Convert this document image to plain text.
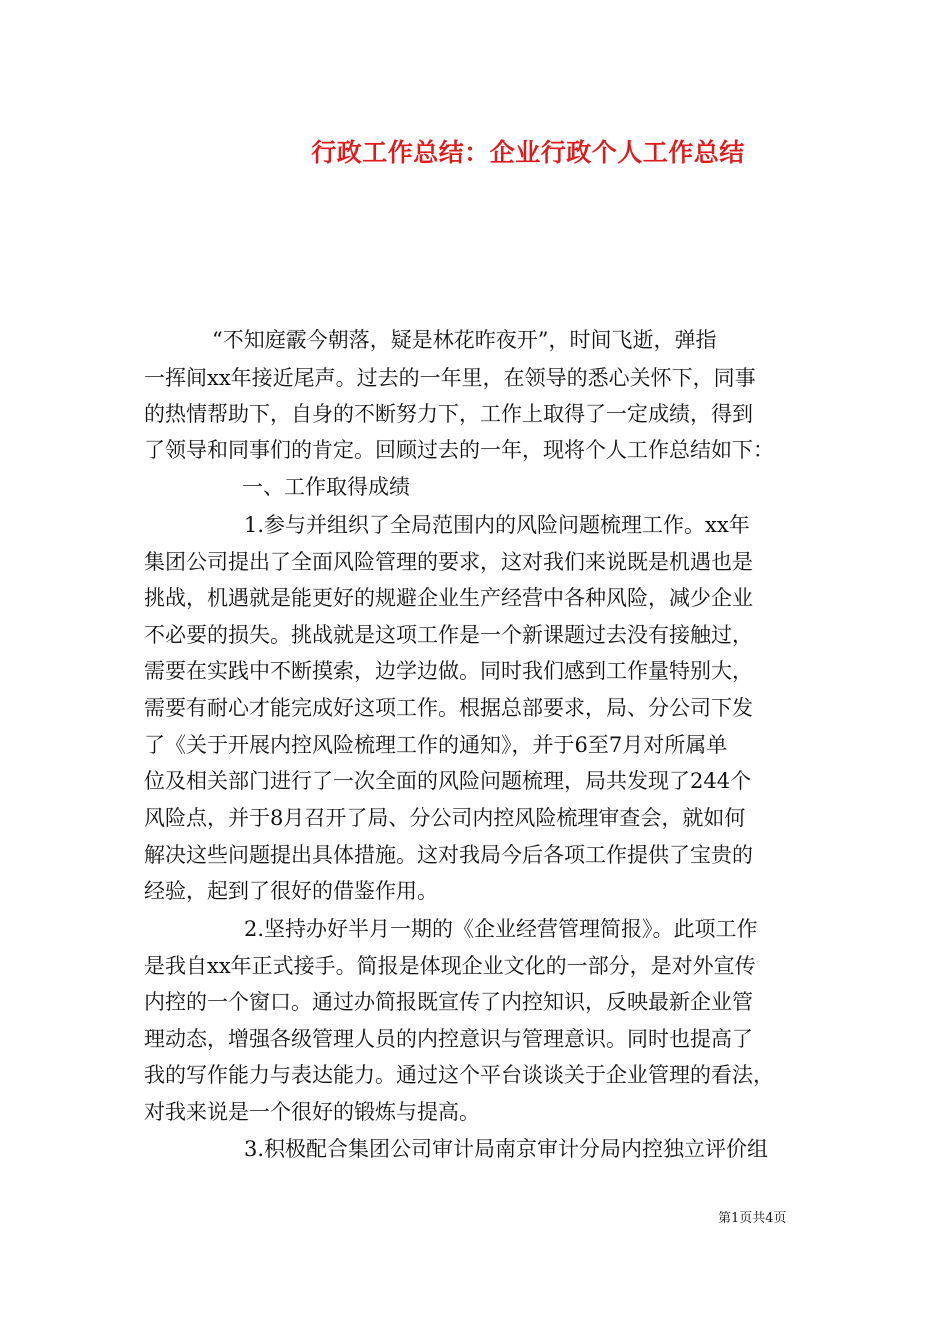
行政工作总结：企业行政个人工作总结
“不知庭霰今朝落，疑是林花昨夜开”，时间飞逝，弹指
一挥间xx年接近尾声。过去的一年里，在领导的悉心关怀下，同事
的热情帮助下，自身的不断努力下，工作上取得了一定成绩，得到
了领导和同事们的肯定。回顾过去的一年，现将个人工作总结如下：
一、工作取得成绩
1.参与并组织了全局范围内的风险问题梳理工作。xx年
集团公司提出了全面风险管理的要求，这对我们来说既是机遇也是
挑战，机遇就是能更好的规避企业生产经营中各种风险，减少企业
不必要的损失。挑战就是这项工作是一个新课题过去没有接触过，
需要在实践中不断摸索，边学边做。同时我们感到工作量特别大，
需要有耐心才能完成好这项工作。根据总部要求，局、分公司下发
了《关于开展内控风险梳理工作的通知》，并于6至7月对所属单
位及相关部门进行了一次全面的风险问题梳理，局共发现了244个
风险点，并于8月召开了局、分公司内控风险梳理审查会，就如何
解决这些问题提出具体措施。这对我局今后各项工作提供了宝贵的
经验，起到了很好的借鉴作用。
2.坚持办好半月一期的《企业经营管理简报》。此项工作
是我自xx年正式接手。简报是体现企业文化的一部分，是对外宣传
内控的一个窗口。通过办简报既宣传了内控知识，反映最新企业管
理动态，增强各级管理人员的内控意识与管理意识。同时也提高了
我的写作能力与表达能力。通过这个平台谈谈关于企业管理的看法，
对我来说是一个很好的锻炼与提高。
3.积极配合集团公司审计局南京审计分局内控独立评价组
第1页共4页
